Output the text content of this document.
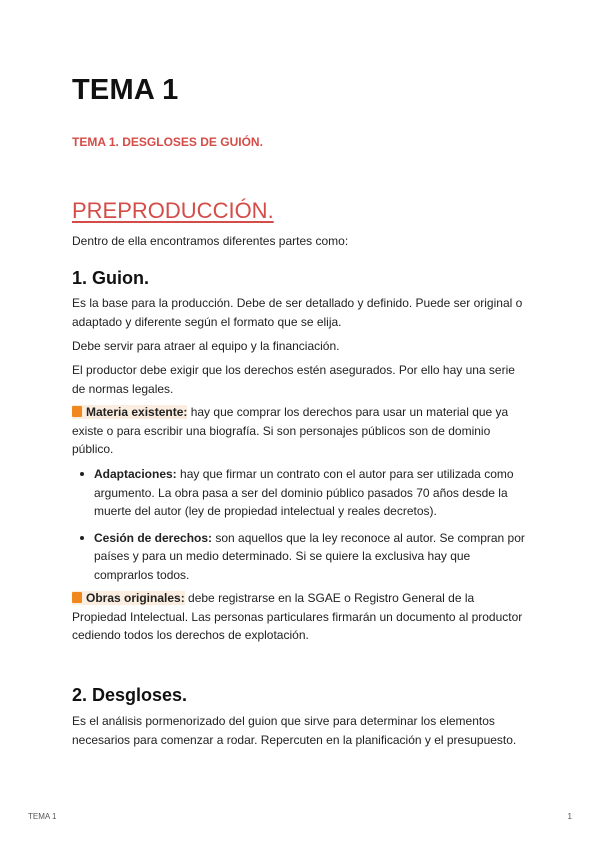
TEMA 1

TEMA 1. DESGLOSES DE GUIÓN.

PREPRODUCCIÓN.

Dentro de ella encontramos diferentes partes como:

1. Guion.

Es la base para la producción. Debe de ser detallado y definido. Puede ser original o adaptado y diferente según el formato que se elija.

Debe servir para atraer al equipo y la financiación.

El productor debe exigir que los derechos estén asegurados. Por ello hay una serie de normas legales.

Materia existente: hay que comprar los derechos para usar un material que ya existe o para escribir una biografía. Si son personajes públicos son de dominio público.

Adaptaciones: hay que firmar un contrato con el autor para ser utilizada como argumento. La obra pasa a ser del dominio público pasados 70 años desde la muerte del autor (ley de propiedad intelectual y reales decretos).
Cesión de derechos: son aquellos que la ley reconoce al autor. Se compran por países y para un medio determinado. Si se quiere la exclusiva hay que comprarlos todos.

Obras originales: debe registrarse en la SGAE o Registro General de la Propiedad Intelectual. Las personas particulares firmarán un documento al productor cediendo todos los derechos de explotación.

2. Desgloses.

Es el análisis pormenorizado del guion que sirve para determinar los elementos necesarios para comenzar a rodar. Repercuten en la planificación y el presupuesto.

TEMA 1	1
